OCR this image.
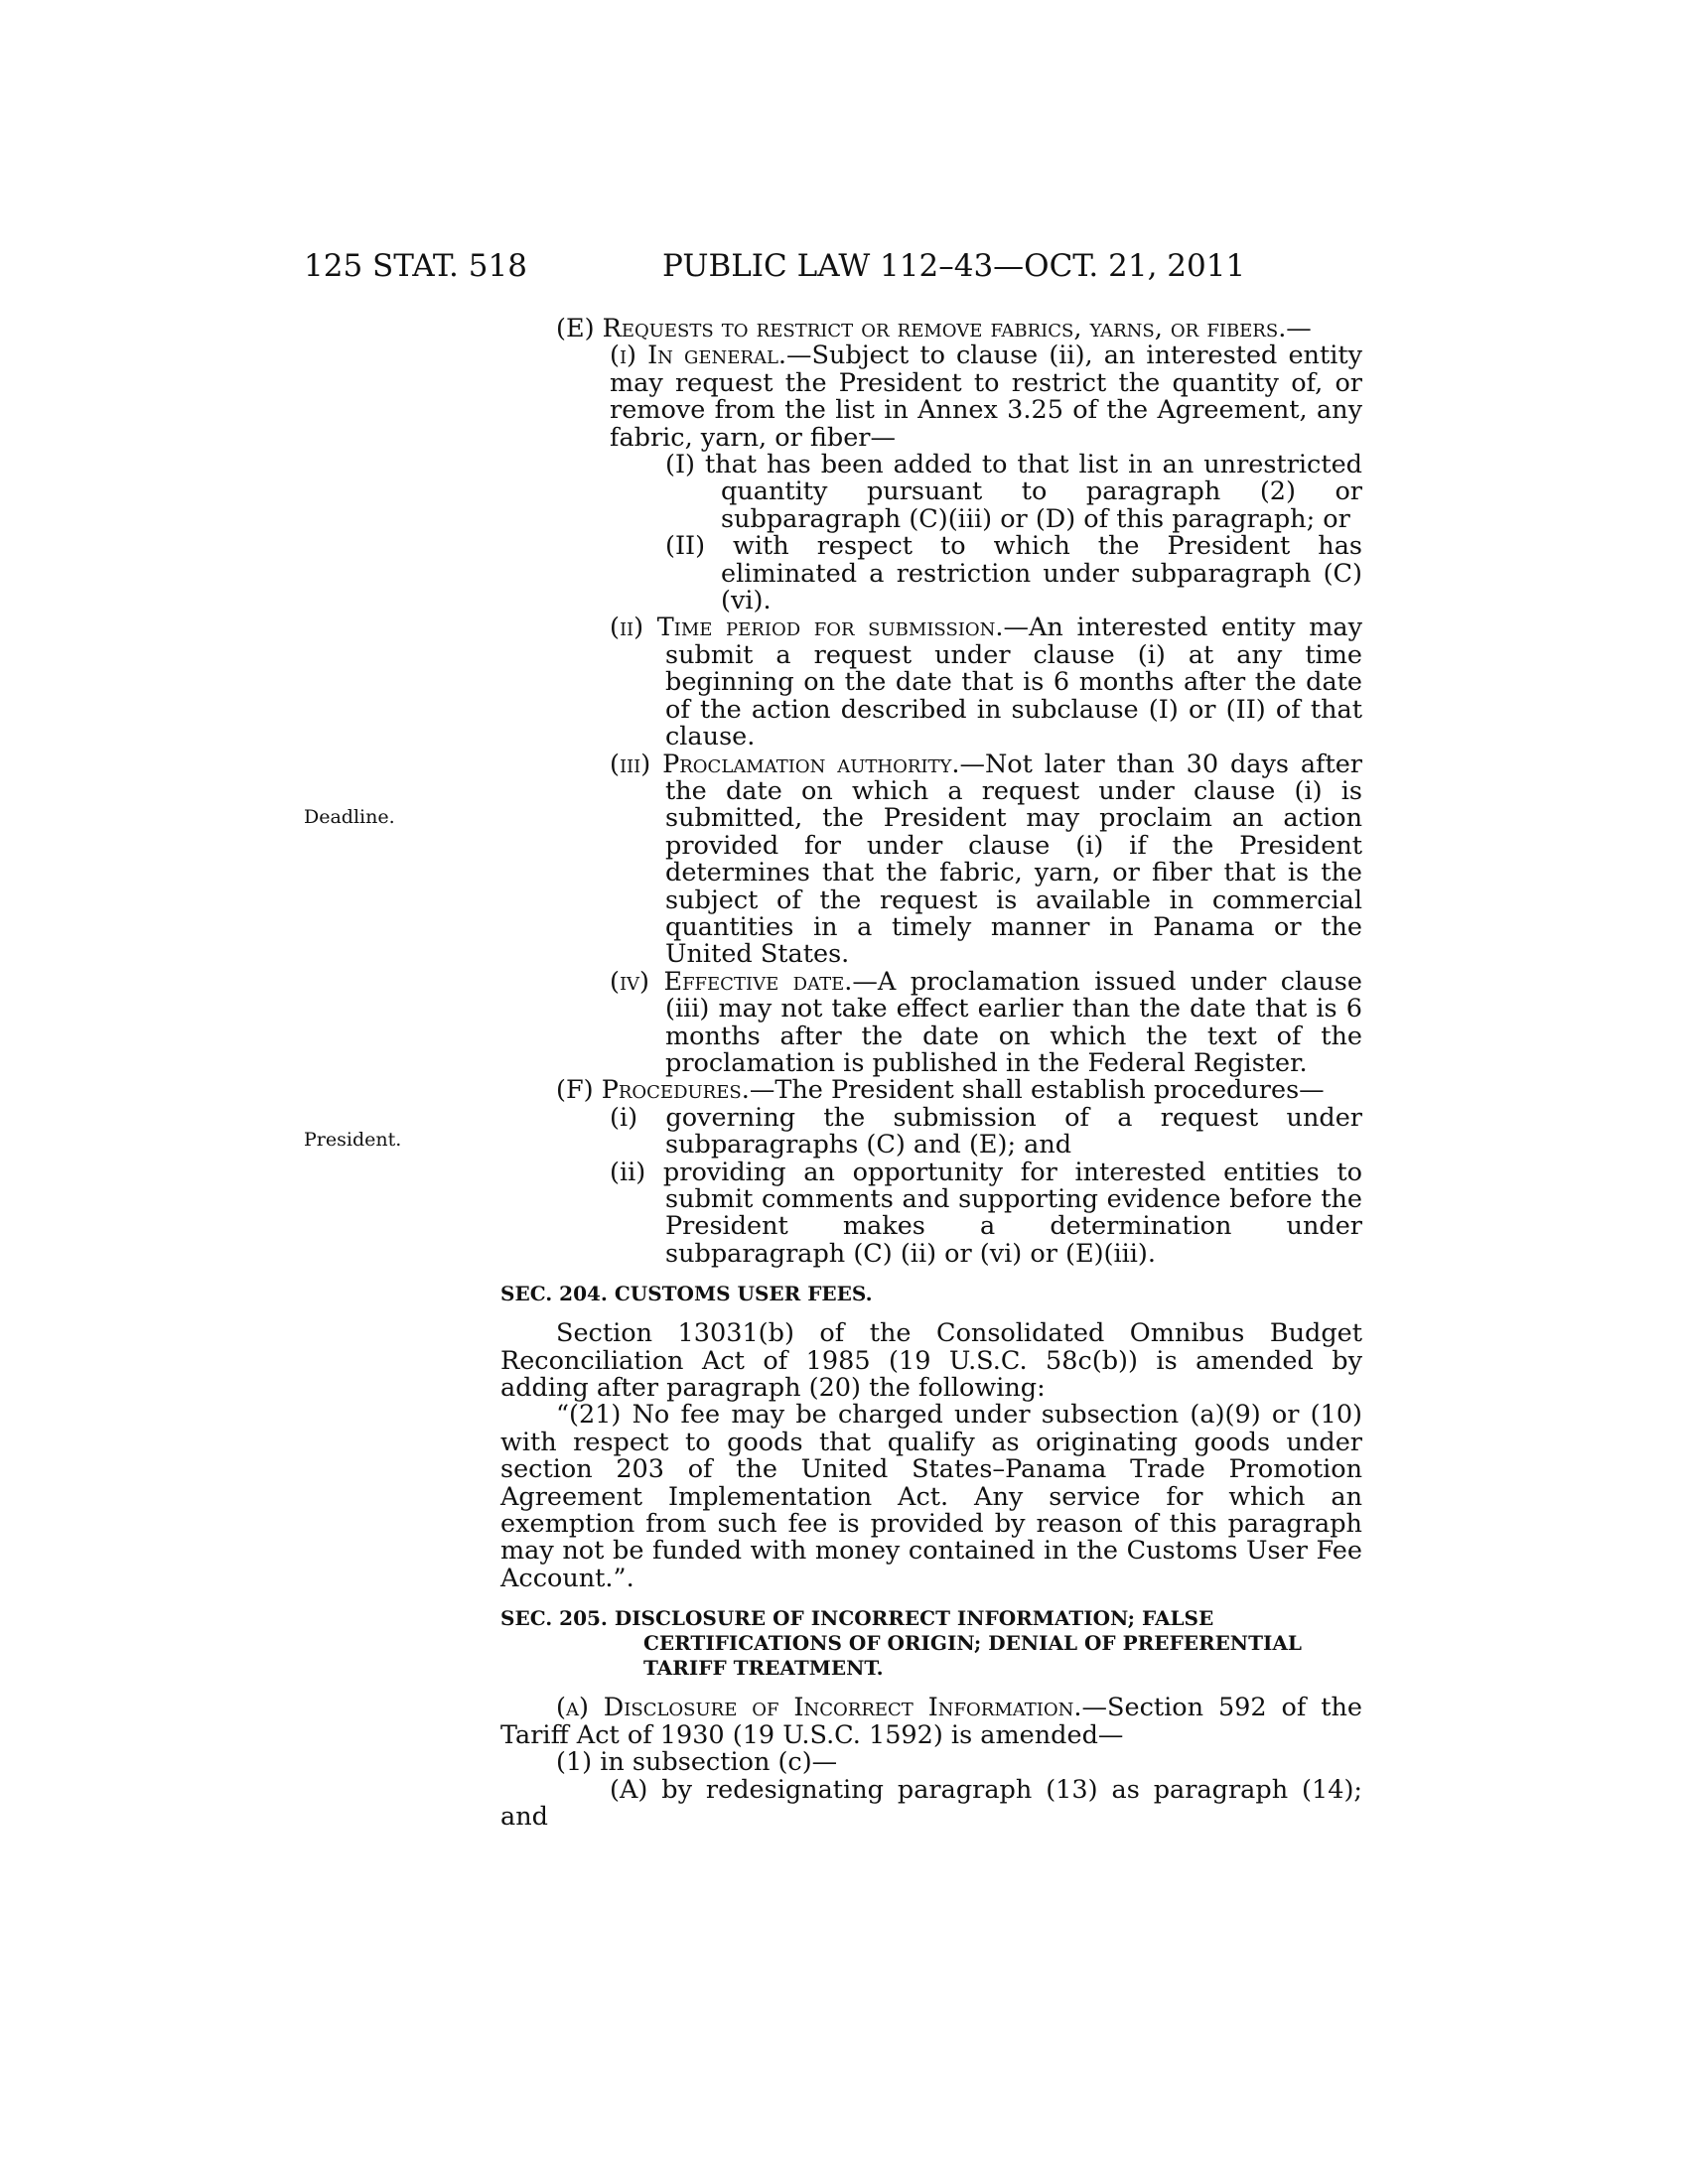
125 STAT. 518	PUBLIC LAW 112–43—OCT. 21, 2011
Deadline.
President.

(E) Requests to restrict or remove fabrics, yarns, or fibers.—

(i) In general.—Subject to clause (ii), an interested entity may request the President to restrict the quantity of, or remove from the list in Annex 3.25 of the Agreement, any fabric, yarn, or fiber—

(I) that has been added to that list in an unrestricted quantity pursuant to paragraph (2) or subparagraph (C)(iii) or (D) of this paragraph; or

(II) with respect to which the President has eliminated a restriction under subparagraph (C)(vi).

(ii) Time period for submission.—An interested entity may submit a request under clause (i) at any time beginning on the date that is 6 months after the date of the action described in subclause (I) or (II) of that clause.

(iii) Proclamation authority.—Not later than 30 days after the date on which a request under clause (i) is submitted, the President may proclaim an action provided for under clause (i) if the President determines that the fabric, yarn, or fiber that is the subject of the request is available in commercial quantities in a timely manner in Panama or the United States.

(iv) Effective date.—A proclamation issued under clause (iii) may not take effect earlier than the date that is 6 months after the date on which the text of the proclamation is published in the Federal Register.

(F) Procedures.—The President shall establish procedures—

(i) governing the submission of a request under subparagraphs (C) and (E); and

(ii) providing an opportunity for interested entities to submit comments and supporting evidence before the President makes a determination under subparagraph (C) (ii) or (vi) or (E)(iii).

SEC. 204. CUSTOMS USER FEES.

Section 13031(b) of the Consolidated Omnibus Budget Reconciliation Act of 1985 (19 U.S.C. 58c(b)) is amended by adding after paragraph (20) the following:

“(21) No fee may be charged under subsection (a)(9) or (10) with respect to goods that qualify as originating goods under section 203 of the United States–Panama Trade Promotion Agreement Implementation Act. Any service for which an exemption from such fee is provided by reason of this paragraph may not be funded with money contained in the Customs User Fee Account.”.

SEC. 205. DISCLOSURE OF INCORRECT INFORMATION; FALSE CERTIFICATIONS OF ORIGIN; DENIAL OF PREFERENTIAL TARIFF TREATMENT.

(a) Disclosure of Incorrect Information.—Section 592 of the Tariff Act of 1930 (19 U.S.C. 1592) is amended—

(1) in subsection (c)—

(A) by redesignating paragraph (13) as paragraph (14); and
